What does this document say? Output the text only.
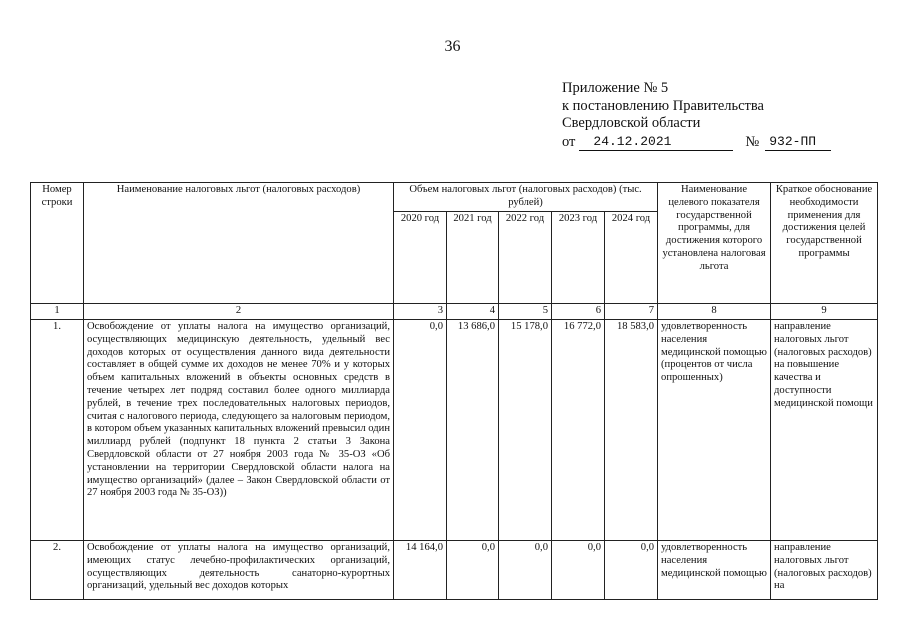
36
Приложение № 5
к постановлению Правительства
Свердловской области
от	24.12.2021	№ 932-ПП
Номер строки	Наименование налоговых льгот (налоговых расходов)	Объем налоговых льгот (налоговых расходов) (тыс. рублей)					Наименование целевого показателя государственной программы, для достижения которого установлена налоговая льгота	Краткое обоснование необходимости применения для достижения целей государственной программы
		2020 год	2021 год	2022 год	2023 год	2024 год		
1	2	3	4	5	6	7	8	9
1.	Освобождение от уплаты налога на имущество организаций, осуществляющих медицинскую деятельность, удельный вес доходов которых от осуществления данного вида деятельности составляет в общей сумме их доходов не менее 70% и у которых объем капитальных вложений в объекты основных средств в течение четырех лет подряд составил более одного миллиарда рублей, в течение трех последовательных налоговых периодов, считая с налогового периода, следующего за налоговым периодом, в котором объем указанных капитальных вложений превысил один миллиард рублей (подпункт 18 пункта 2 статьи 3 Закона Свердловской области от 27 ноября 2003 года № 35-ОЗ «Об установлении на территории Свердловской области налога на имущество организаций» (далее – Закон Свердловской области от 27 ноября 2003 года № 35-ОЗ))	0,0	13 686,0	15 178,0	16 772,0	18 583,0	удовлетворенность населения медицинской помощью (процентов от числа опрошенных)	направление налоговых льгот (налоговых расходов) на повышение качества и доступности медицинской помощи
2.	Освобождение от уплаты налога на имущество организаций, имеющих статус лечебно-профилактических организаций, осуществляющих деятельность санаторно-курортных организаций, удельный вес доходов которых	14 164,0	0,0	0,0	0,0	0,0	удовлетворенность населения медицинской помощью	направление налоговых льгот (налоговых расходов) на
